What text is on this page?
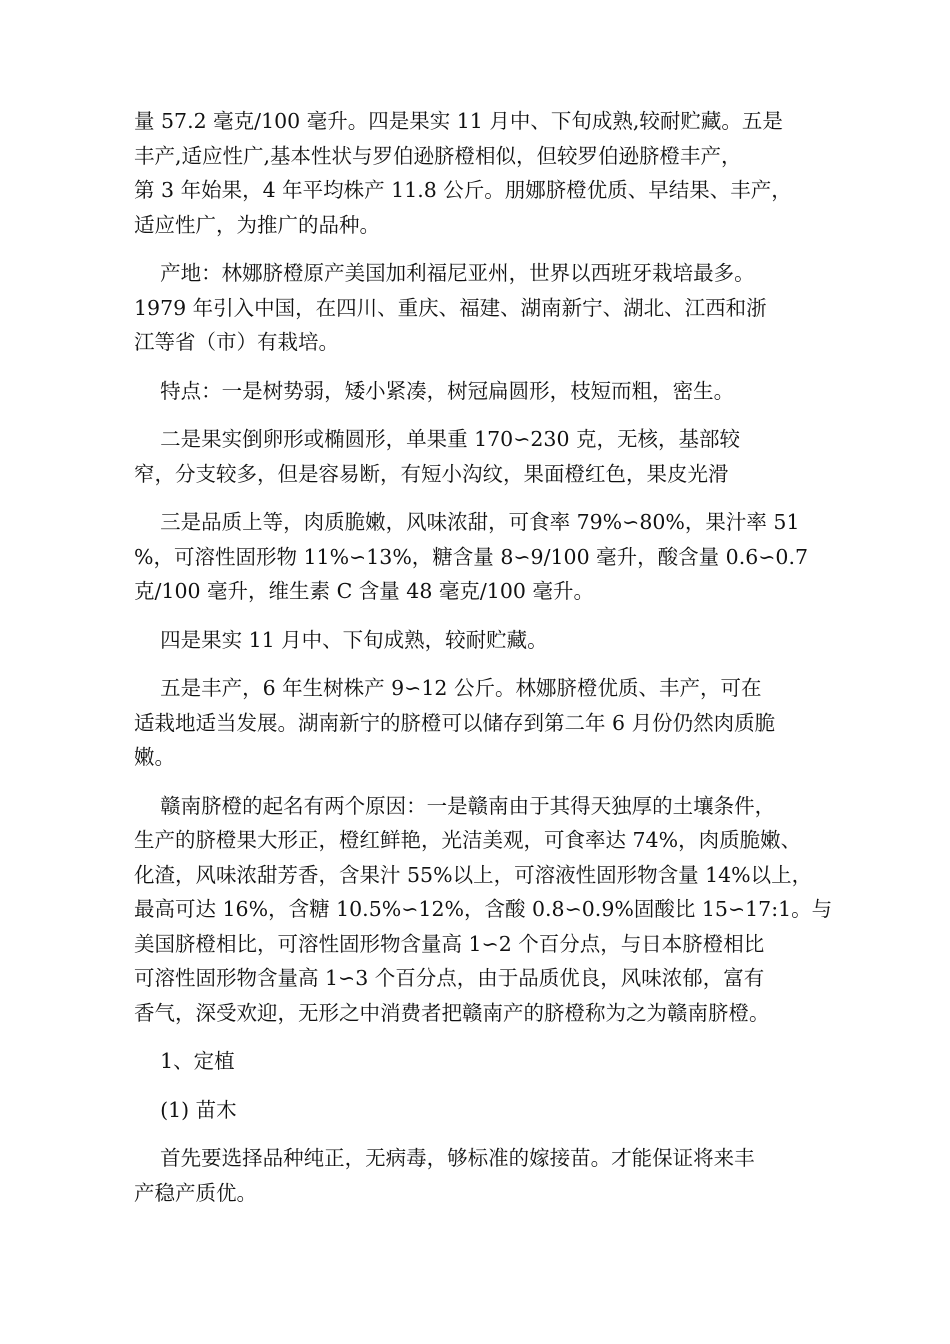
量 57.2 毫克/100 毫升。四是果实 11 月中、下旬成熟,较耐贮藏。五是
丰产,适应性广,基本性状与罗伯逊脐橙相似，但较罗伯逊脐橙丰产，
第 3 年始果，4 年平均株产 11.8 公斤。朋娜脐橙优质、早结果、丰产，
适应性广，为推广的品种。
产地：林娜脐橙原产美国加利福尼亚州，世界以西班牙栽培最多。
1979 年引入中国，在四川、重庆、福建、湖南新宁、湖北、江西和浙
江等省（市）有栽培。
特点：一是树势弱，矮小紧凑，树冠扁圆形，枝短而粗，密生。
二是果实倒卵形或椭圆形，单果重 170∽230 克，无核，基部较
窄，分支较多，但是容易断，有短小沟纹，果面橙红色，果皮光滑
三是品质上等，肉质脆嫩，风味浓甜，可食率 79%∽80%，果汁率 51
%，可溶性固形物 11%∽13%，糖含量 8∽9/100 毫升，酸含量 0.6∽0.7
克/100 毫升，维生素 C 含量 48 毫克/100 毫升。
四是果实 11 月中、下旬成熟，较耐贮藏。
五是丰产，6 年生树株产 9∽12 公斤。林娜脐橙优质、丰产，可在
适栽地适当发展。湖南新宁的脐橙可以储存到第二年 6 月份仍然肉质脆
嫩。
赣南脐橙的起名有两个原因：一是赣南由于其得天独厚的土壤条件，
生产的脐橙果大形正，橙红鲜艳，光洁美观，可食率达 74%，肉质脆嫩、
化渣，风味浓甜芳香，含果汁 55%以上，可溶液性固形物含量 14%以上，
最高可达 16%，含糖 10.5%∽12%，含酸 0.8∽0.9%固酸比 15∽17:1。与
美国脐橙相比，可溶性固形物含量高 1∽2 个百分点，与日本脐橙相比
可溶性固形物含量高 1∽3 个百分点，由于品质优良，风味浓郁，富有
香气，深受欢迎，无形之中消费者把赣南产的脐橙称为之为赣南脐橙。
1、定植
(1) 苗木
首先要选择品种纯正，无病毒，够标准的嫁接苗。才能保证将来丰
产稳产质优。
